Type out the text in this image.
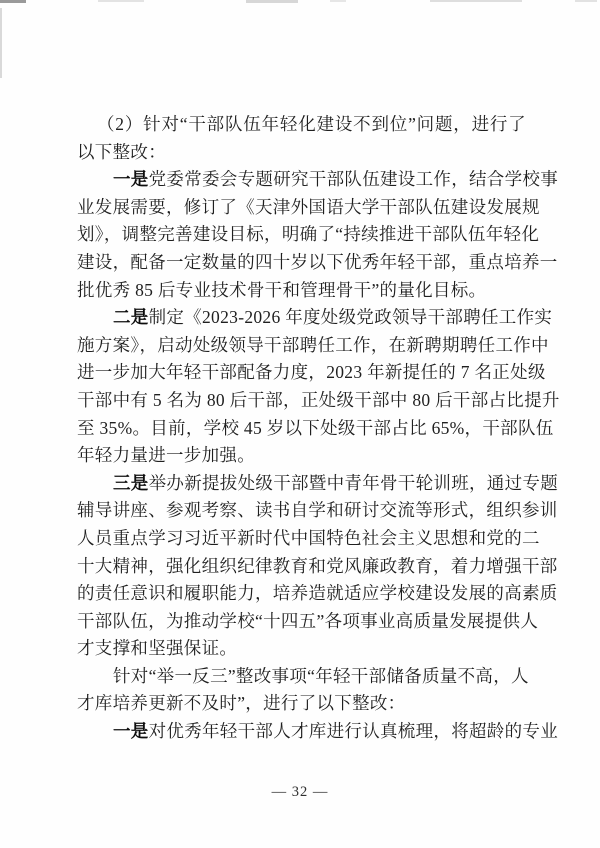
（2）针对“干部队伍年轻化建设不到位”问题，进行了
以下整改：
一是党委常委会专题研究干部队伍建设工作，结合学校事
业发展需要，修订了《天津外国语大学干部队伍建设发展规
划》，调整完善建设目标，明确了“持续推进干部队伍年轻化
建设，配备一定数量的四十岁以下优秀年轻干部，重点培养一
批优秀 85 后专业技术骨干和管理骨干”的量化目标。
二是制定《2023-2026 年度处级党政领导干部聘任工作实
施方案》，启动处级领导干部聘任工作，在新聘期聘任工作中
进一步加大年轻干部配备力度，2023 年新提任的 7 名正处级
干部中有 5 名为 80 后干部，正处级干部中 80 后干部占比提升
至 35%。目前，学校 45 岁以下处级干部占比 65%，干部队伍
年轻力量进一步加强。
三是举办新提拔处级干部暨中青年骨干轮训班，通过专题
辅导讲座、参观考察、读书自学和研讨交流等形式，组织参训
人员重点学习习近平新时代中国特色社会主义思想和党的二
十大精神，强化组织纪律教育和党风廉政教育，着力增强干部
的责任意识和履职能力，培养造就适应学校建设发展的高素质
干部队伍，为推动学校“十四五”各项事业高质量发展提供人
才支撑和坚强保证。
针对“举一反三”整改事项“年轻干部储备质量不高，人
才库培养更新不及时”，进行了以下整改：
一是对优秀年轻干部人才库进行认真梳理，将超龄的专业
— 32 —
